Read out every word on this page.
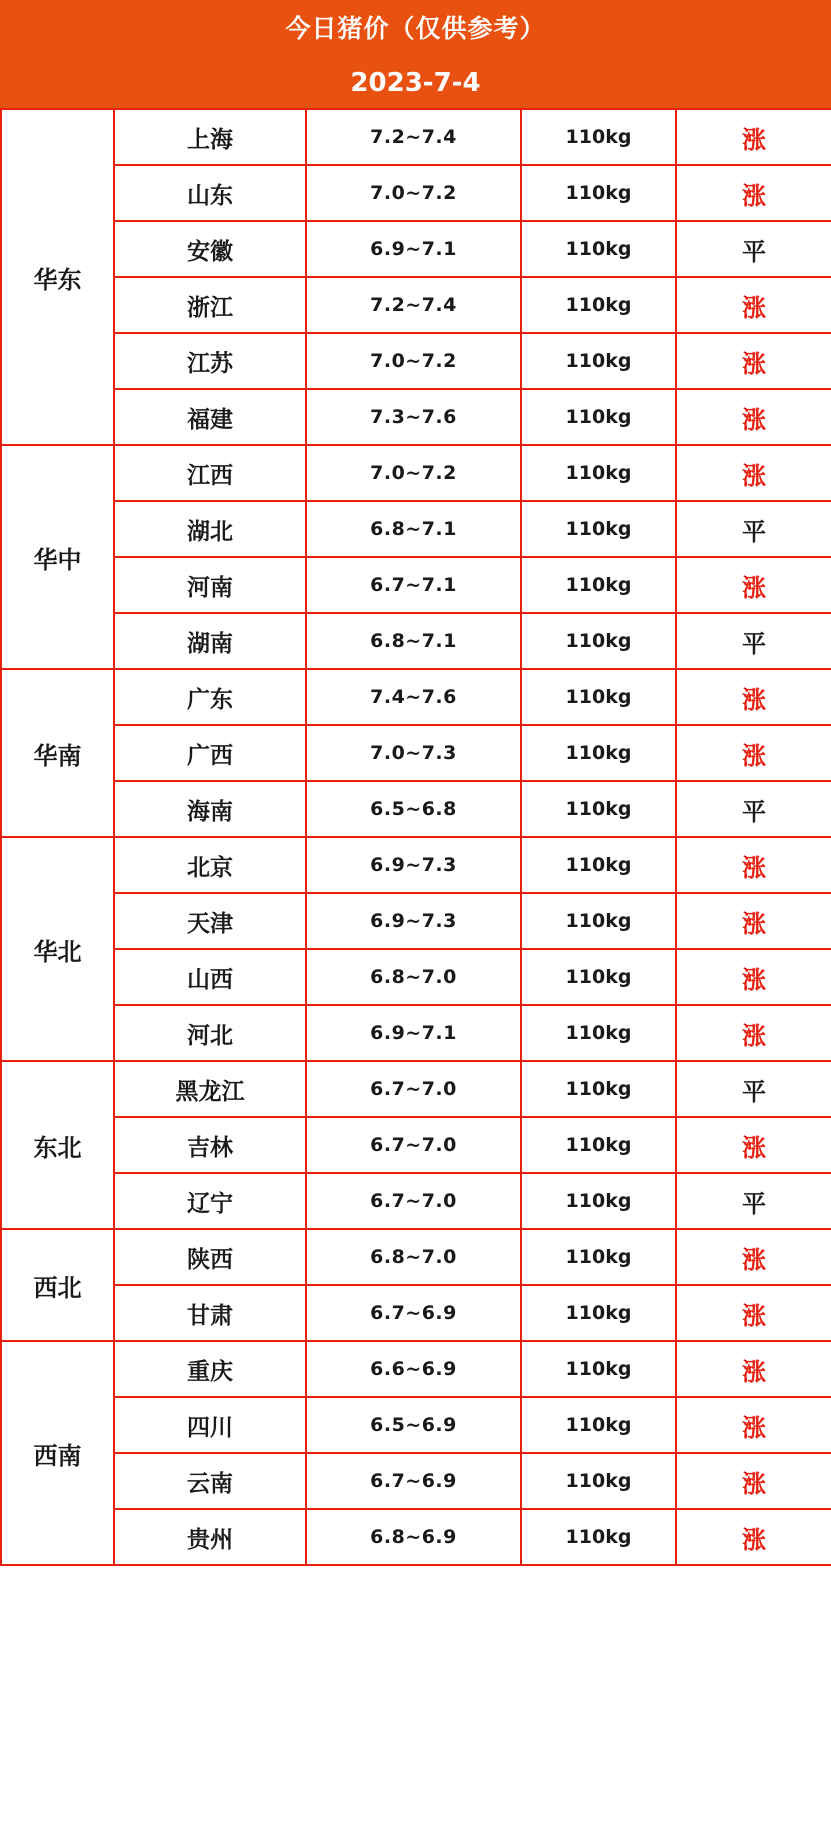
今日猪价（仅供参考）
2023-7-4
华东	上海	7.2~7.4	110kg	涨
	山东	7.0~7.2	110kg	涨
	安徽	6.9~7.1	110kg	平
	浙江	7.2~7.4	110kg	涨
	江苏	7.0~7.2	110kg	涨
	福建	7.3~7.6	110kg	涨
华中	江西	7.0~7.2	110kg	涨
	湖北	6.8~7.1	110kg	平
	河南	6.7~7.1	110kg	涨
	湖南	6.8~7.1	110kg	平
华南	广东	7.4~7.6	110kg	涨
	广西	7.0~7.3	110kg	涨
	海南	6.5~6.8	110kg	平
华北	北京	6.9~7.3	110kg	涨
	天津	6.9~7.3	110kg	涨
	山西	6.8~7.0	110kg	涨
	河北	6.9~7.1	110kg	涨
东北	黑龙江	6.7~7.0	110kg	平
	吉林	6.7~7.0	110kg	涨
	辽宁	6.7~7.0	110kg	平
西北	陕西	6.8~7.0	110kg	涨
	甘肃	6.7~6.9	110kg	涨
西南	重庆	6.6~6.9	110kg	涨
	四川	6.5~6.9	110kg	涨
	云南	6.7~6.9	110kg	涨
	贵州	6.8~6.9	110kg	涨
